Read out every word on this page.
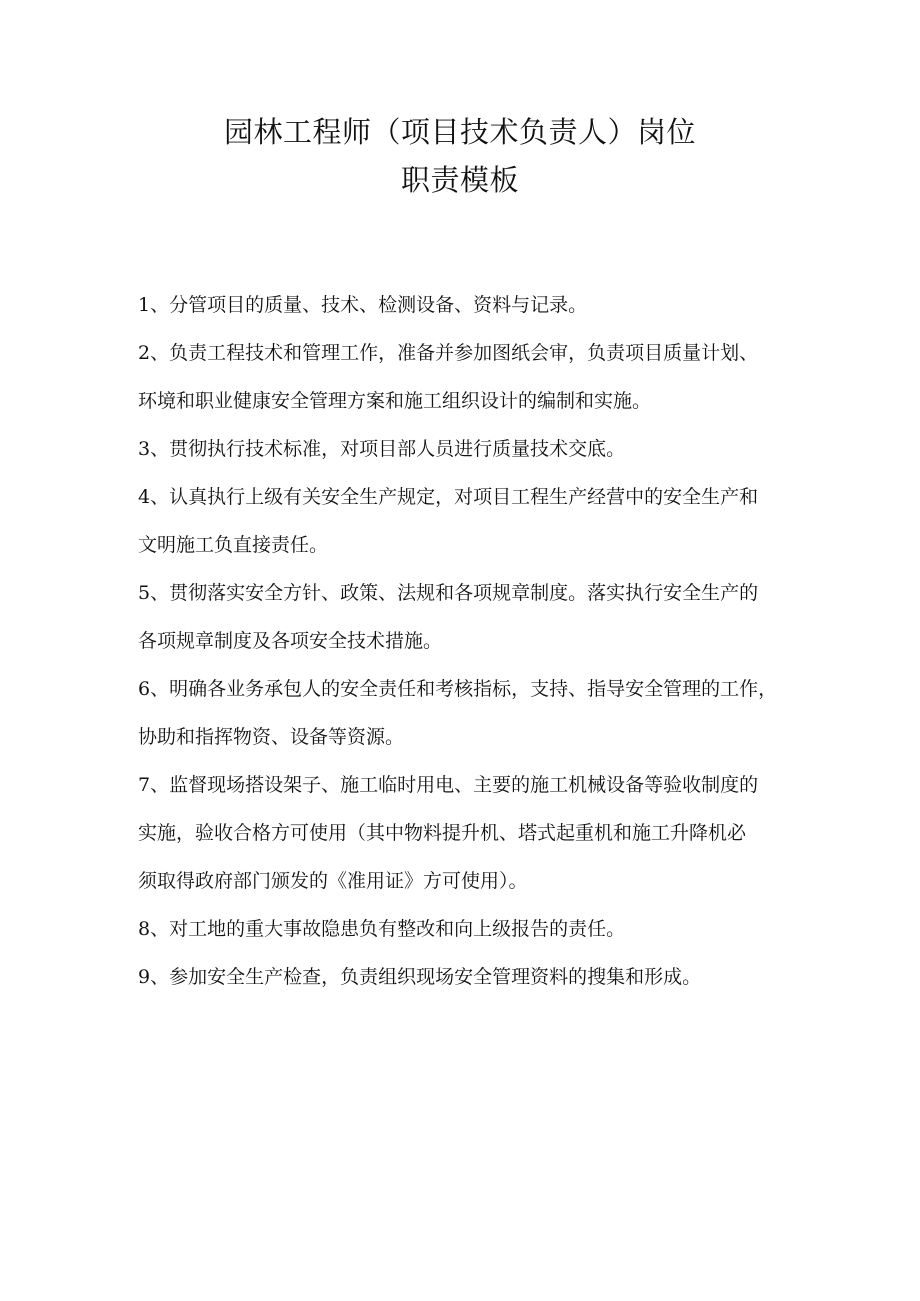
园林工程师（项目技术负责人）岗位

职责模板

1、分管项目的质量、技术、检测设备、资料与记录。

2、负责工程技术和管理工作，准备并参加图纸会审，负责项目质量计划、

环境和职业健康安全管理方案和施工组织设计的编制和实施。

3、贯彻执行技术标准，对项目部人员进行质量技术交底。

4、认真执行上级有关安全生产规定，对项目工程生产经营中的安全生产和

文明施工负直接责任。

5、贯彻落实安全方针、政策、法规和各项规章制度。落实执行安全生产的

各项规章制度及各项安全技术措施。

6、明确各业务承包人的安全责任和考核指标，支持、指导安全管理的工作，

协助和指挥物资、设备等资源。

7、监督现场搭设架子、施工临时用电、主要的施工机械设备等验收制度的

实施，验收合格方可使用（其中物料提升机、塔式起重机和施工升降机必

须取得政府部门颁发的《准用证》方可使用）。

8、对工地的重大事故隐患负有整改和向上级报告的责任。

9、参加安全生产检查，负责组织现场安全管理资料的搜集和形成。
